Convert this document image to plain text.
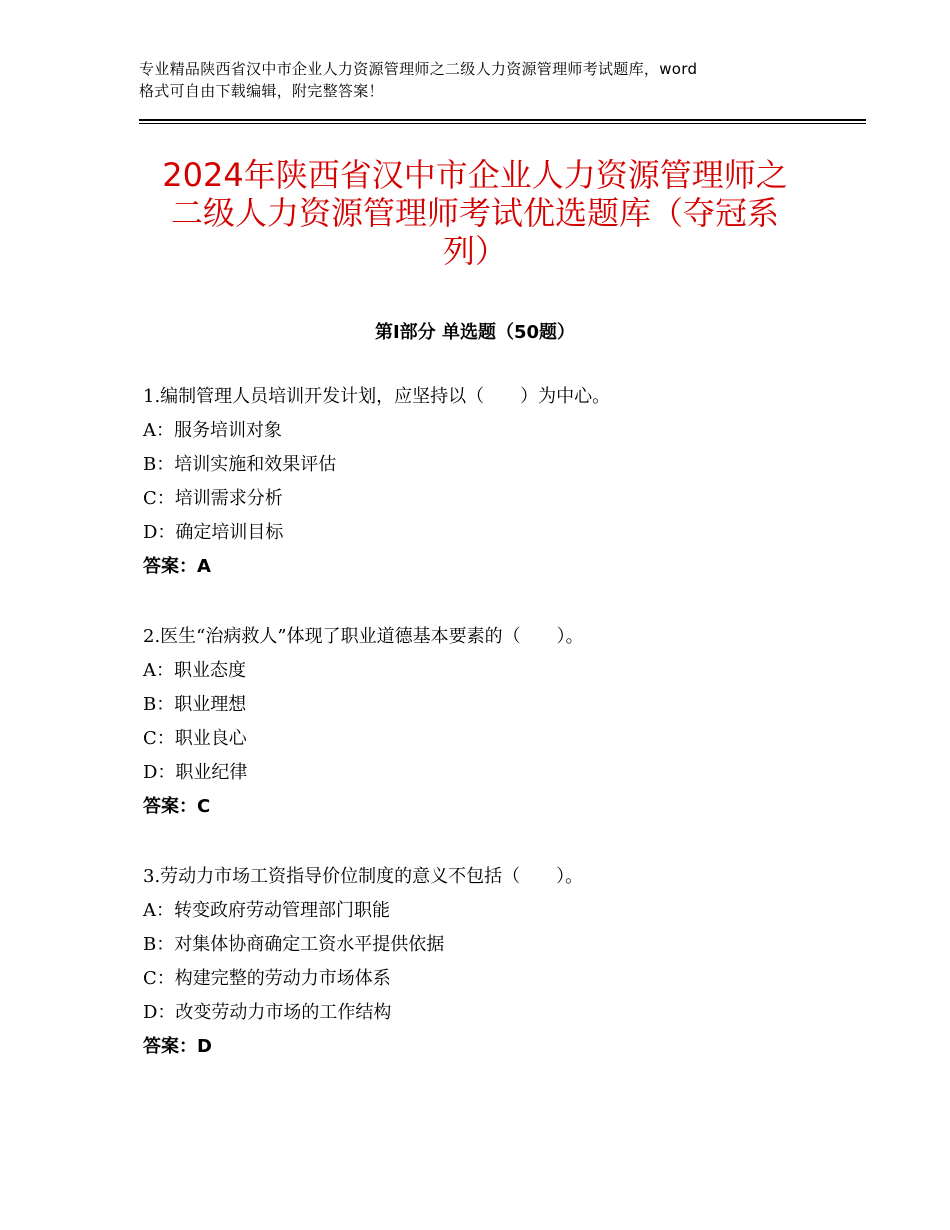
专业精品陕西省汉中市企业人力资源管理师之二级人力资源管理师考试题库，word
格式可自由下载编辑，附完整答案！
2024年陕西省汉中市企业人力资源管理师之
二级人力资源管理师考试优选题库（夺冠系
列）
第Ⅰ部分 单选题（50题）
1.编制管理人员培训开发计划，应坚持以（　　）为中心。
A：服务培训对象
B：培训实施和效果评估
C：培训需求分析
D：确定培训目标
答案：A
2.医生“治病救人”体现了职业道德基本要素的（　　）。
A：职业态度
B：职业理想
C：职业良心
D：职业纪律
答案：C
3.劳动力市场工资指导价位制度的意义不包括（　　）。
A：转变政府劳动管理部门职能
B：对集体协商确定工资水平提供依据
C：构建完整的劳动力市场体系
D：改变劳动力市场的工作结构
答案：D
